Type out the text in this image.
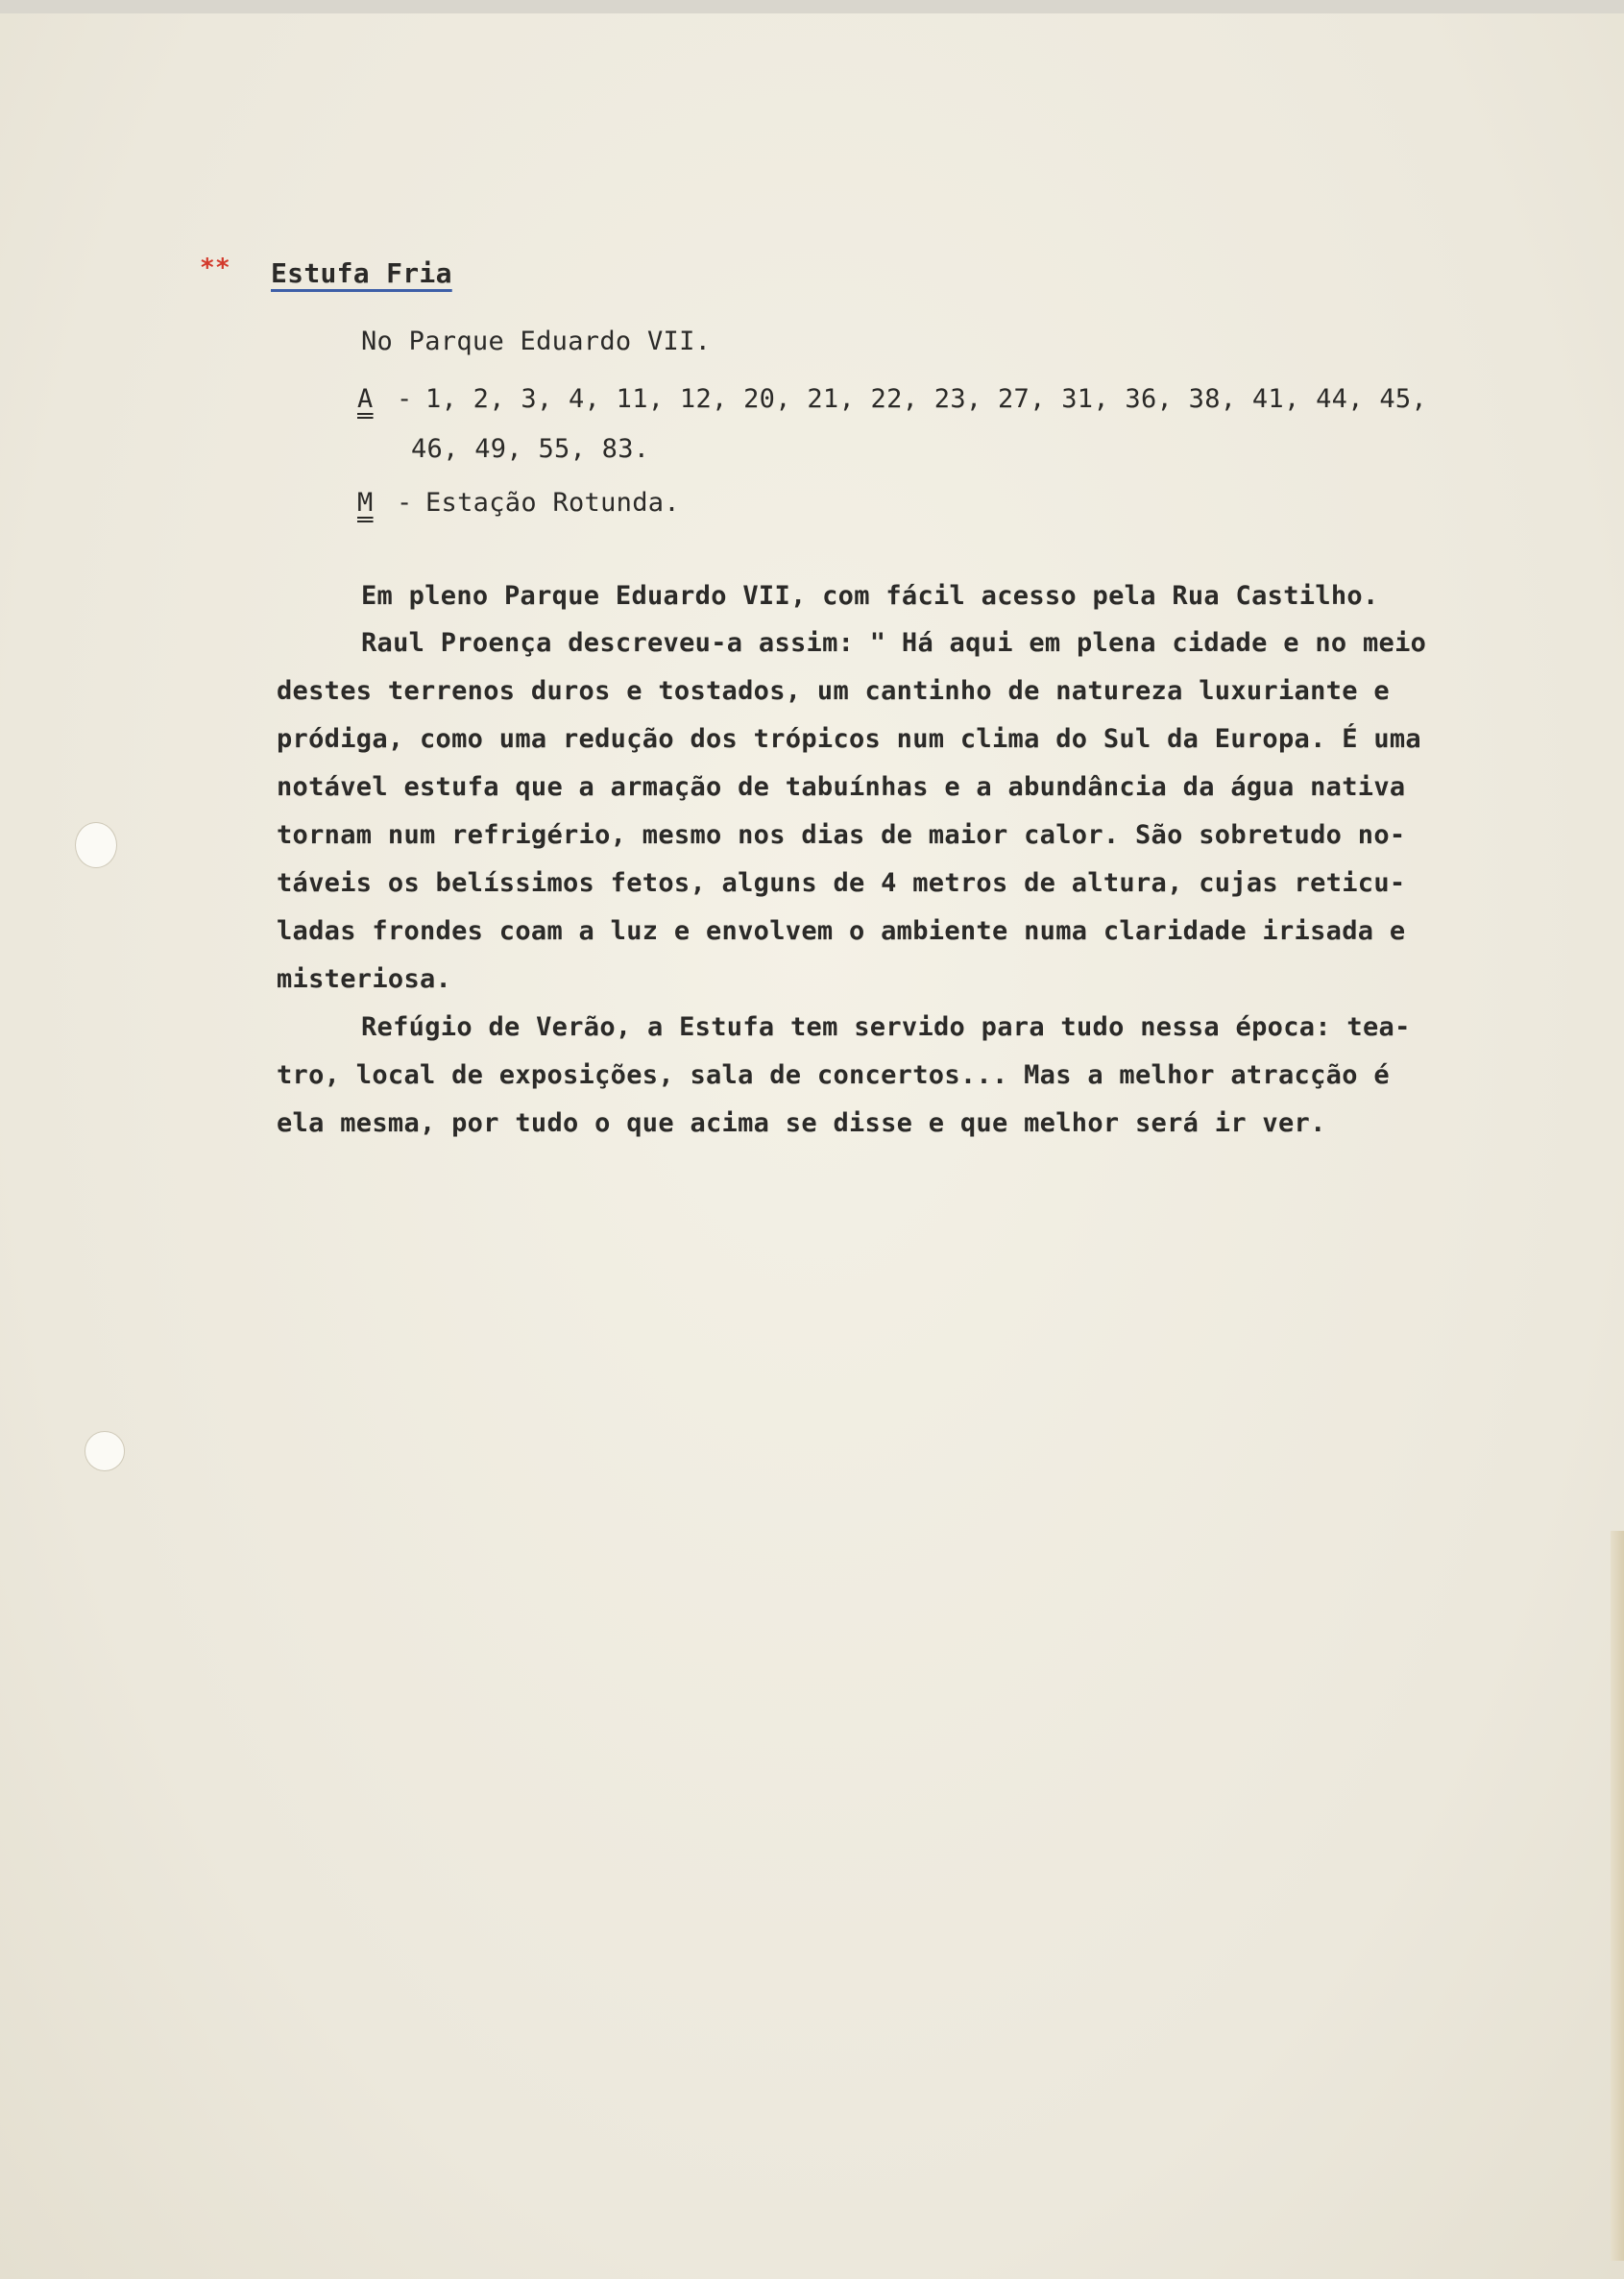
** Estufa Fria
No Parque Eduardo VII.
A -
1, 2, 3, 4, 11, 12, 20, 21, 22, 23, 27, 31, 36, 38, 41, 44, 45,
46, 49, 55, 83.
M -
Estação Rotunda.
Em pleno Parque Eduardo VII, com fácil acesso pela Rua Castilho.
Raul Proença descreveu-a assim: " Há aqui em plena cidade e no meio
destes terrenos duros e tostados, um cantinho de natureza luxuriante e
pródiga, como uma redução dos trópicos num clima do Sul da Europa. É uma
notável estufa que a armação de tabuínhas e a abundância da água nativa
tornam num refrigério, mesmo nos dias de maior calor. São sobretudo no-
táveis os belíssimos fetos, alguns de 4 metros de altura, cujas reticu-
ladas frondes coam a luz e envolvem o ambiente numa claridade irisada e
misteriosa.
Refúgio de Verão, a Estufa tem servido para tudo nessa época: tea-
tro, local de exposições, sala de concertos... Mas a melhor atracção é
ela mesma, por tudo o que acima se disse e que melhor será ir ver.
